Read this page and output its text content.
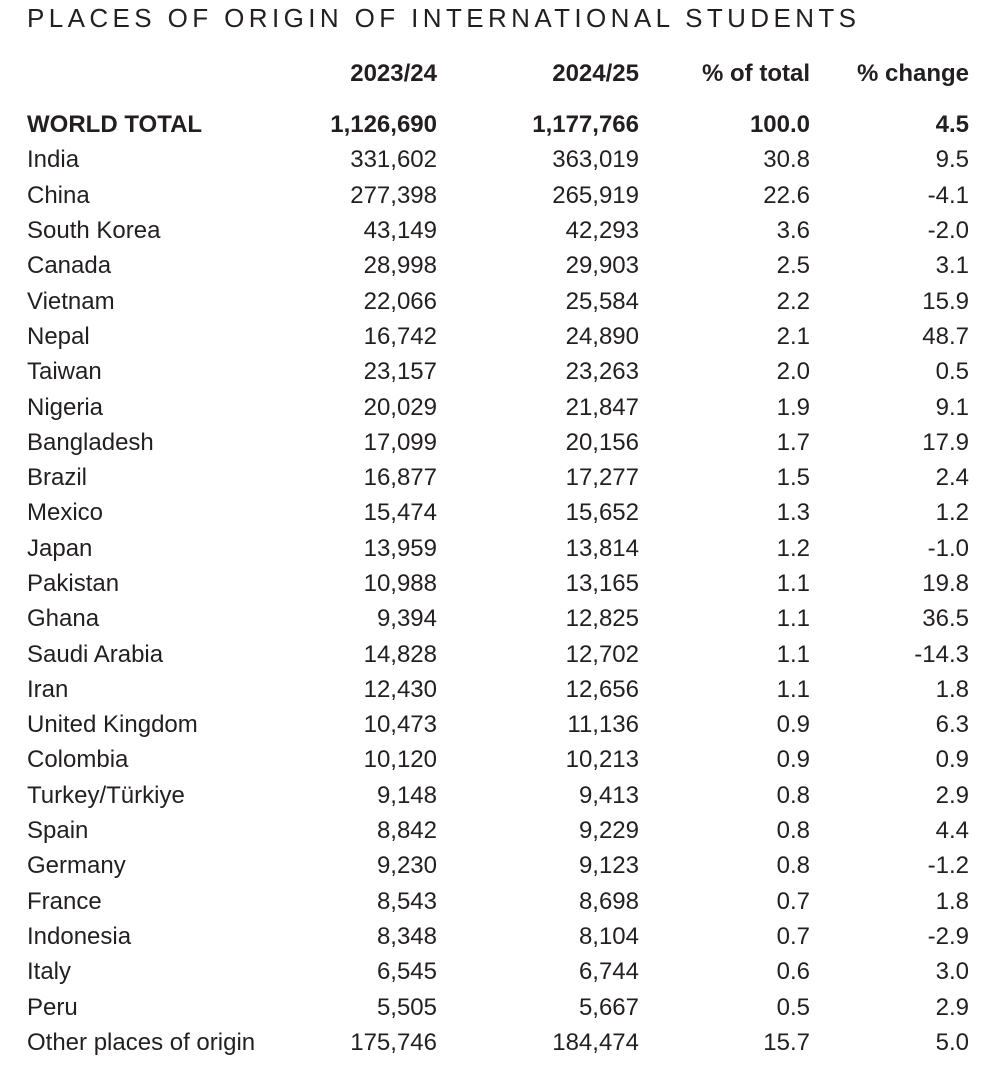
PLACES OF ORIGIN OF INTERNATIONAL STUDENTS
	2023/24	2024/25	% of total	% change

WORLD TOTAL	1,126,690	1,177,766	100.0	4.5
India	331,602	363,019	30.8	9.5
China	277,398	265,919	22.6	-4.1
South Korea	43,149	42,293	3.6	-2.0
Canada	28,998	29,903	2.5	3.1
Vietnam	22,066	25,584	2.2	15.9
Nepal	16,742	24,890	2.1	48.7
Taiwan	23,157	23,263	2.0	0.5
Nigeria	20,029	21,847	1.9	9.1
Bangladesh	17,099	20,156	1.7	17.9
Brazil	16,877	17,277	1.5	2.4
Mexico	15,474	15,652	1.3	1.2
Japan	13,959	13,814	1.2	-1.0
Pakistan	10,988	13,165	1.1	19.8
Ghana	9,394	12,825	1.1	36.5
Saudi Arabia	14,828	12,702	1.1	-14.3
Iran	12,430	12,656	1.1	1.8
United Kingdom	10,473	11,136	0.9	6.3
Colombia	10,120	10,213	0.9	0.9
Turkey/Türkiye	9,148	9,413	0.8	2.9
Spain	8,842	9,229	0.8	4.4
Germany	9,230	9,123	0.8	-1.2
France	8,543	8,698	0.7	1.8
Indonesia	8,348	8,104	0.7	-2.9
Italy	6,545	6,744	0.6	3.0
Peru	5,505	5,667	0.5	2.9
Other places of origin	175,746	184,474	15.7	5.0
